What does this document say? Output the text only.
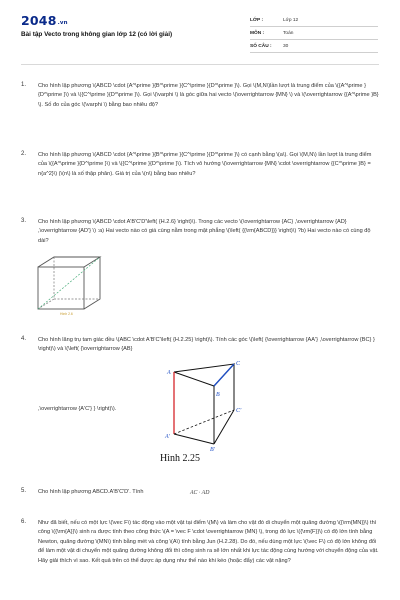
2048.vn
Bài tập Vecto trong không gian lớp 12 (có lời giải)
LỚP :	Lớp 12
MÔN :	Toán
SỐ CÂU :	30
1. Cho hình lập phương \(ABCD \cdot {A^\prime }{B^\prime }{C^\prime }{D^\prime }\). Gọi \(M,N\)lần lượt là trung điểm của \({A^\prime }{D^\prime }\) và \({C^\prime }{D^\prime }\). Gọi \(\varphi \) là góc giữa hai vecto \(\overrightarrow {MN} \) và \(\overrightarrow {{A^\prime }B} \). Số đo của góc \(\varphi \) bằng bao nhiêu độ?
2. Cho hình lập phương \(ABCD \cdot {A^\prime }{B^\prime }{C^\prime }{D^\prime }\) có cạnh bằng \(a\). Gọi \(M,N\) lần lượt là trung điểm của \({A^\prime }{D^\prime }\) và \({C^\prime }{D^\prime }\). Tích vô hướng \(\overrightarrow {MN} \cdot \overrightarrow {{C^\prime }B} = n{a^2}\) (\(n\) là số thập phân). Giá trị của \(n\) bằng bao nhiêu?
3. Cho hình lập phương \(ABCD \cdot A'B'C'D'\left( {H.2.6} \right)\). Trong các vecto \(\overrightarrow {AC} ,\overrightarrow {AD} ,\overrightarrow {AD'} \) :a) Hai vecto nào có giá cùng nằm trong mặt phẳng \(\left( {{\rm{ABCD}}} \right)\) ?b) Hai vecto nào có cùng độ dài?
Hình 2.6
4. Cho hình lăng trụ tam giác đều \(ABC \cdot A'B'C'\left( {H.2.25} \right)\). Tính các góc \(\left( {\overrightarrow {AA'} ,\overrightarrow {BC} } \right)\) và \(\left( {\overrightarrow {AB}
,\overrightarrow {A'C'} } \right)\).
A
B
C
A'
B'
C'
Hình 2.25
5. Cho hình lập phương ABCD.A'B'C'D'. Tính	AC · AD
6. Như đã biết, nếu có một lực \(\vec F\) tác động vào một vật tại điểm \(M\) và làm cho vật đó di chuyển một quãng đường \({\rm{MN}}\) thì công \({\rm{A}}\) sinh ra được tính theo công thức \(A = \vec F \cdot \overrightarrow {MN} \), trong đó lực \({\rm{F}}\) có độ lớn tính bằng Newton, quãng đường \(MN\) tính bằng mét và công \(A\) tính bằng Jun (H.2.28). Do đó, nếu dùng một lực \(\vec F\) có độ lớn không đổi để làm một vật di chuyển một quãng đường không đổi thì công sinh ra sẽ lớn nhất khi lực tác động cùng hướng với chuyển động của vật. Hãy giải thích vì sao. Kết quả trên có thể được áp dụng như thế nào khi kéo (hoặc đẩy) các vật nặng?
